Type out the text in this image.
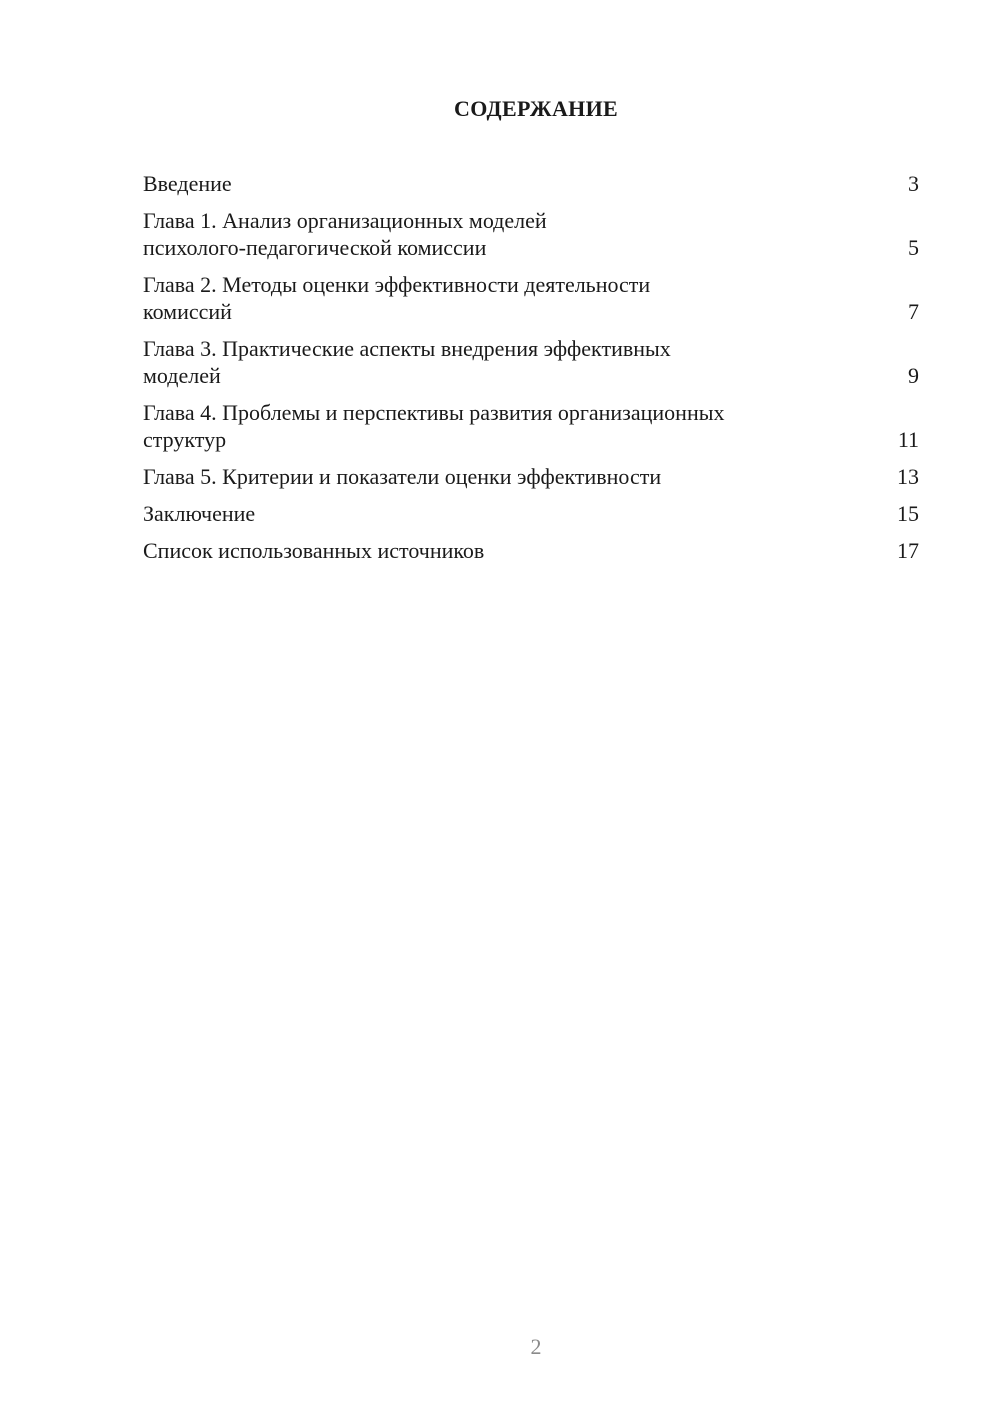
СОДЕРЖАНИЕ
Введение	3
Глава 1. Анализ организационных моделей
психолого-педагогической комиссии	5
Глава 2. Методы оценки эффективности деятельности
комиссий	7
Глава 3. Практические аспекты внедрения эффективных
моделей	9
Глава 4. Проблемы и перспективы развития организационных
структур	11
Глава 5. Критерии и показатели оценки эффективности	13
Заключение	15
Список использованных источников	17
2
